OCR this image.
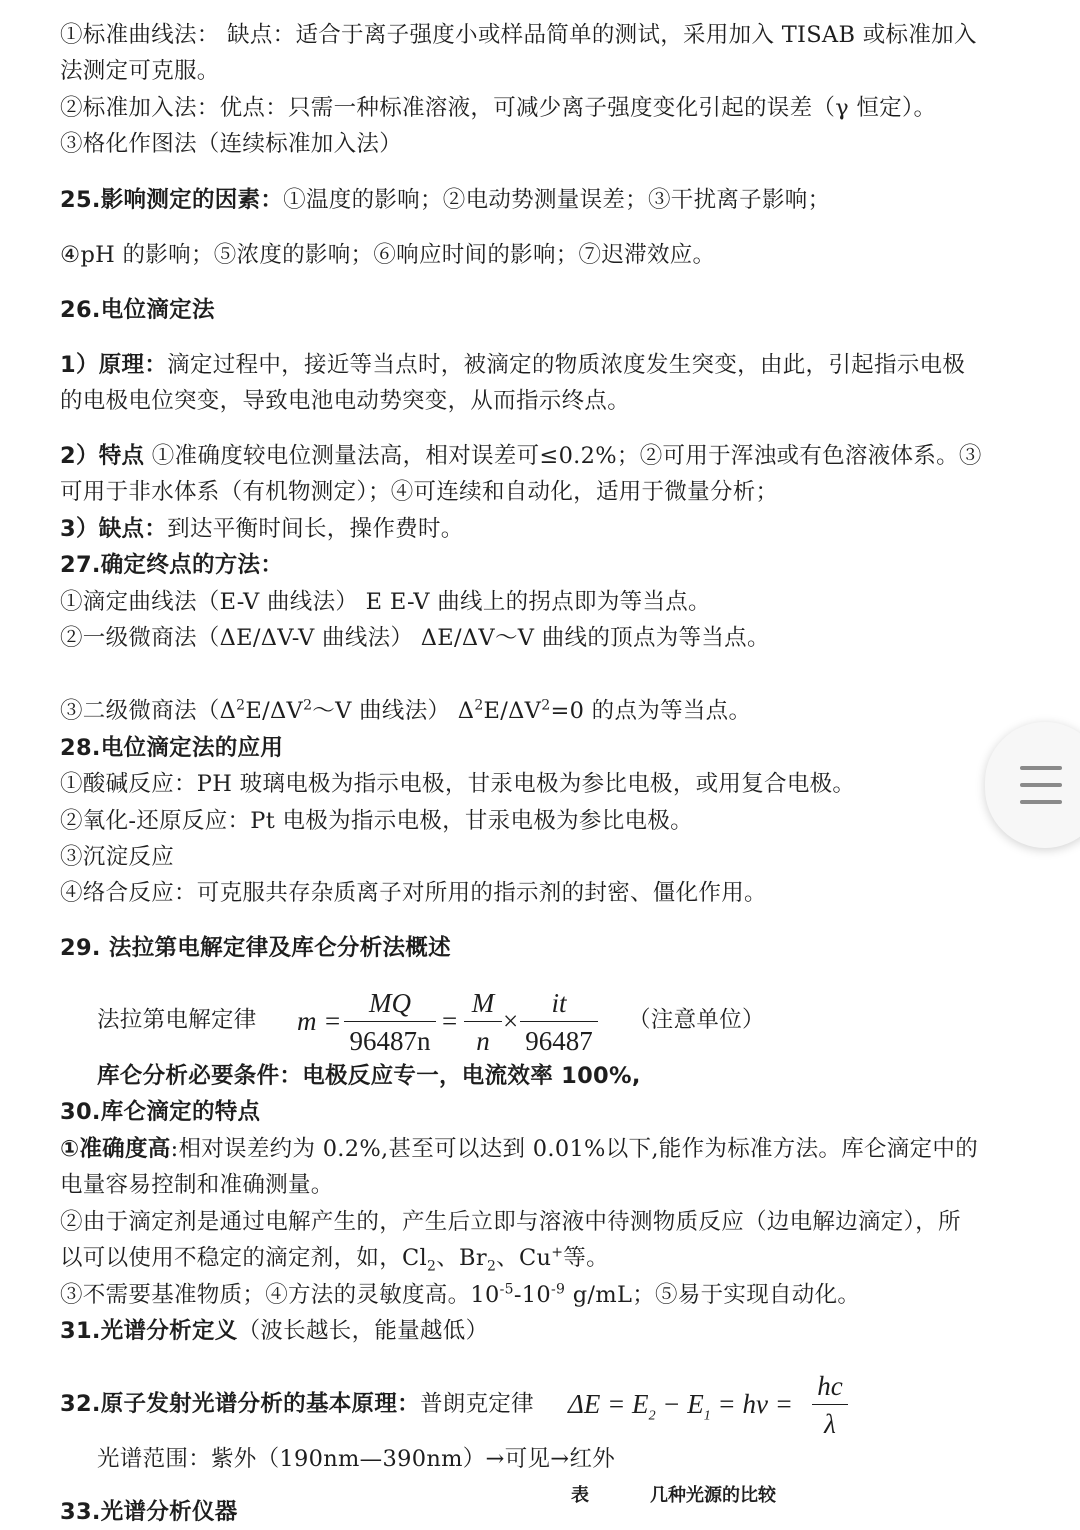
①标准曲线法： 缺点：适合于离子强度小或样品简单的测试，采用加入 TISAB 或标准加入
法测定可克服。
②标准加入法：优点：只需一种标准溶液，可减少离子强度变化引起的误差（γ 恒定）。
③格化作图法（连续标准加入法）
25.影响测定的因素：①温度的影响；②电动势测量误差；③干扰离子影响；
④pH 的影响；⑤浓度的影响；⑥响应时间的影响；⑦迟滞效应。
26.电位滴定法
1）原理：滴定过程中，接近等当点时，被滴定的物质浓度发生突变，由此，引起指示电极
的电极电位突变，导致电池电动势突变，从而指示终点。
2）特点 ①准确度较电位测量法高，相对误差可≤0.2%；②可用于浑浊或有色溶液体系。③
可用于非水体系（有机物测定）；④可连续和自动化，适用于微量分析；
3）缺点：到达平衡时间长，操作费时。
27.确定终点的方法：
①滴定曲线法（E-V 曲线法） E E-V 曲线上的拐点即为等当点。
②一级微商法（ΔE/ΔV-V 曲线法） ΔE/ΔV～V 曲线的顶点为等当点。
③二级微商法（$\Delta^2E/\Delta V^2\sim V$ 曲线法） $\Delta^2E/\Delta V^2=0$ 的点为等当点。
28.电位滴定法的应用
①酸碱反应：PH 玻璃电极为指示电极，甘汞电极为参比电极，或用复合电极。
②氧化-还原反应：Pt 电极为指示电极，甘汞电极为参比电极。
③沉淀反应
④络合反应：可克服共存杂质离子对所用的指示剂的封密、僵化作用。
29. 法拉第电解定律及库仑分析法概述
法拉第电解定律 $m = \frac{MQ}{96487n} = \frac{M}{n} \times \frac{it}{96487}$ （注意单位）
库仑分析必要条件：电极反应专一，电流效率 100%,
30.库仑滴定的特点
①准确度高:相对误差约为 0.2%,甚至可以达到 0.01%以下,能作为标准方法。库仑滴定中的
电量容易控制和准确测量。
②由于滴定剂是通过电解产生的，产生后立即与溶液中待测物质反应（边电解边滴定），所
以可以使用不稳定的滴定剂，如，$Cl_2$、$Br_2$、Cu+等。
③不需要基准物质；④方法的灵敏度高。$10^{-5}-10^{-9}$ g/mL；⑤易于实现自动化。
31.光谱分析定义（波长越长，能量越低）
32.原子发射光谱分析的基本原理：普朗克定律 $\Delta E = E_2 - E_1 = h\nu = \frac{hc}{\lambda}$
光谱范围：紫外（190nm—390nm）→可见→红外
33.光谱分析仪器
表	几种光源的比较
